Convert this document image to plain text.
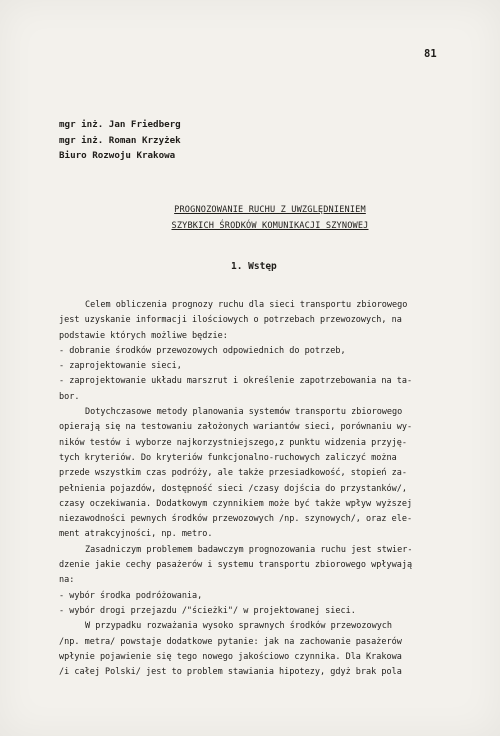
81
mgr inż. Jan Friedberg
mgr inż. Roman Krzyżek
Biuro Rozwoju Krakowa
PROGNOZOWANIE RUCHU Z UWZGLĘDNIENIEM
SZYBKICH ŚRODKÓW KOMUNIKACJI SZYNOWEJ
1. Wstęp
Celem obliczenia prognozy ruchu dla sieci transportu zbiorowego
jest uzyskanie informacji ilościowych o potrzebach przewozowych, na
podstawie których możliwe będzie:
- dobranie środków przewozowych odpowiednich do potrzeb,
- zaprojektowanie sieci,
- zaprojektowanie układu marszrut i określenie zapotrzebowania na ta-
bor.
Dotychczasowe metody planowania systemów transportu zbiorowego
opierają się na testowaniu założonych wariantów sieci, porównaniu wy-
ników testów i wyborze najkorzystniejszego,z punktu widzenia przyję-
tych kryteriów. Do kryteriów funkcjonalno-ruchowych zaliczyć można
przede wszystkim czas podróży, ale także przesiadkowość, stopień za-
pełnienia pojazdów, dostępność sieci /czasy dojścia do przystanków/,
czasy oczekiwania. Dodatkowym czynnikiem może być także wpływ wyższej
niezawodności pewnych środków przewozowych /np. szynowych/, oraz ele-
ment atrakcyjności, np. metro.
Zasadniczym problemem badawczym prognozowania ruchu jest stwier-
dzenie jakie cechy pasażerów i systemu transportu zbiorowego wpływają
na:
- wybór środka podróżowania,
- wybór drogi przejazdu /"ścieżki"/ w projektowanej sieci.
W przypadku rozważania wysoko sprawnych środków przewozowych
/np. metra/ powstaje dodatkowe pytanie: jak na zachowanie pasażerów
wpłynie pojawienie się tego nowego jakościowo czynnika. Dla Krakowa
/i całej Polski/ jest to problem stawiania hipotezy, gdyż brak pola
